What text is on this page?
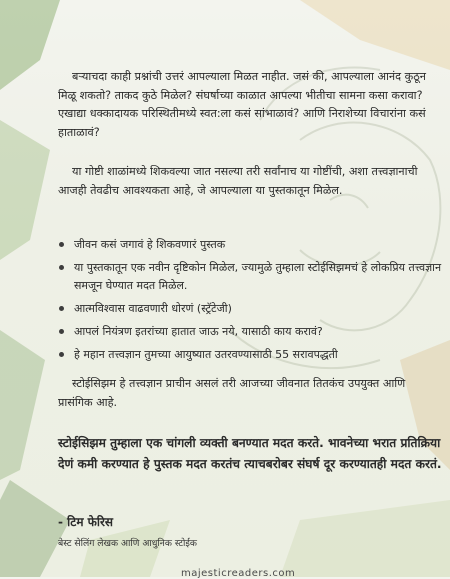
बऱ्याचदा काही प्रश्नांची उत्तरं आपल्याला मिळत नाहीत. जसं की, आपल्याला आनंद कुठून मिळू शकतो? ताकद कुठे मिळेल? संघर्षाच्या काळात आपल्या भीतीचा सामना कसा करावा? एखाद्या धक्कादायक परिस्थितीमध्ये स्वत:ला कसं सांभाळावं? आणि निराशेच्या विचारांना कसं हाताळावं?

या गोष्टी शाळांमध्ये शिकवल्या जात नसल्या तरी सर्वांनाच या गोष्टींची, अशा तत्त्वज्ञानाची आजही तेवढीच आवश्यकता आहे, जे आपल्याला या पुस्तकातून मिळेल.

जीवन कसं जगावं हे शिकवणारं पुस्तक
या पुस्तकातून एक नवीन दृष्टिकोन मिळेल, ज्यामुळे तुम्हाला स्टोईसिझमचं हे लोकप्रिय तत्त्वज्ञान समजून घेण्यात मदत मिळेल.
आत्मविश्वास वाढवणारी धोरणं (स्ट्रॅटेजी)
आपलं नियंत्रण इतरांच्या हातात जाऊ नये, यासाठी काय करावं?
हे महान तत्त्वज्ञान तुमच्या आयुष्यात उतरवण्यासाठी 55 सरावपद्धती

स्टोईसिझम हे तत्त्वज्ञान प्राचीन असलं तरी आजच्या जीवनात तितकंच उपयुक्त आणि प्रासंगिक आहे.

स्टोईसिझम तुम्हाला एक चांगली व्यक्ती बनण्यात मदत करते. भावनेच्या भरात प्रतिक्रिया देणं कमी करण्यात हे पुस्तक मदत करतंच त्याचबरोबर संघर्ष दूर करण्यातही मदत करतं.

- टिम फेरिस

बेस्ट सेलिंग लेखक आणि आधुनिक स्टोईक

majesticreaders.com
